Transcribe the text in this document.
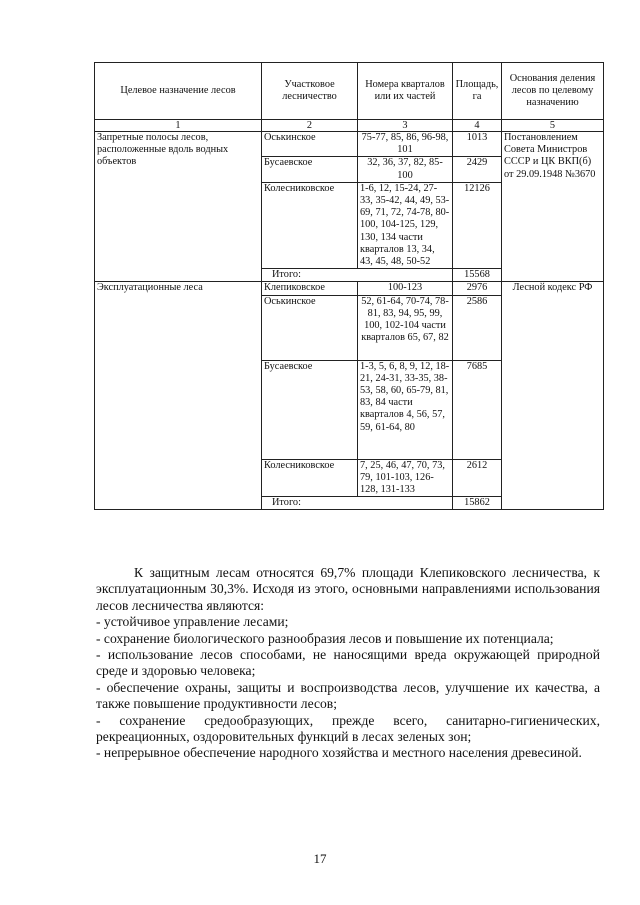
Целевое назначение лесов	Участковое лесничество	Номера кварталов или их частей	Площадь, га	Основания деления лесов по целевому назначению
1	2	3	4	5
Запретные полосы лесов, расположенные вдоль водных объектов	Оськинское	75-77, 85, 86, 96-98, 101	1013	Постановлением Совета Министров СССР и ЦК ВКП(б) от 29.09.1948 №3670
	Бусаевское	32, 36, 37, 82, 85-100	2429	
	Колесниковское	1-6, 12, 15-24, 27-33, 35-42, 44, 49, 53-69, 71, 72, 74-78, 80-100, 104-125, 129, 130, 134 части кварталов 13, 34, 43, 45, 48, 50-52	12126	
	Итого:		15568	
Эксплуатационные леса	Клепиковское	100-123	2976	Лесной кодекс РФ
	Оськинское	52, 61-64, 70-74, 78-81, 83, 94, 95, 99, 100, 102-104 части кварталов 65, 67, 82	2586	
	Бусаевское	1-3, 5, 6, 8, 9, 12, 18-21, 24-31, 33-35, 38-53, 58, 60, 65-79, 81, 83, 84 части кварталов 4, 56, 57, 59, 61-64, 80	7685	
	Колесниковское	7, 25, 46, 47, 70, 73, 79, 101-103, 126-128, 131-133	2612	
	Итого:		15862	

К защитным лесам относятся 69,7% площади Клепиковского лесничества, к эксплуатационным 30,3%. Исходя из этого, основными направлениями использования лесов лесничества являются:

- устойчивое управление лесами;

- сохранение биологического разнообразия лесов и повышение их потенциала;

- использование лесов способами, не наносящими вреда окружающей природной среде и здоровью человека;

- обеспечение охраны, защиты и воспроизводства лесов, улучшение их качества, а также повышение продуктивности лесов;

- сохранение средообразующих, прежде всего, санитарно-гигиенических, рекреационных, оздоровительных функций в лесах зеленых зон;

- непрерывное обеспечение народного хозяйства и местного населения древесиной.

17
